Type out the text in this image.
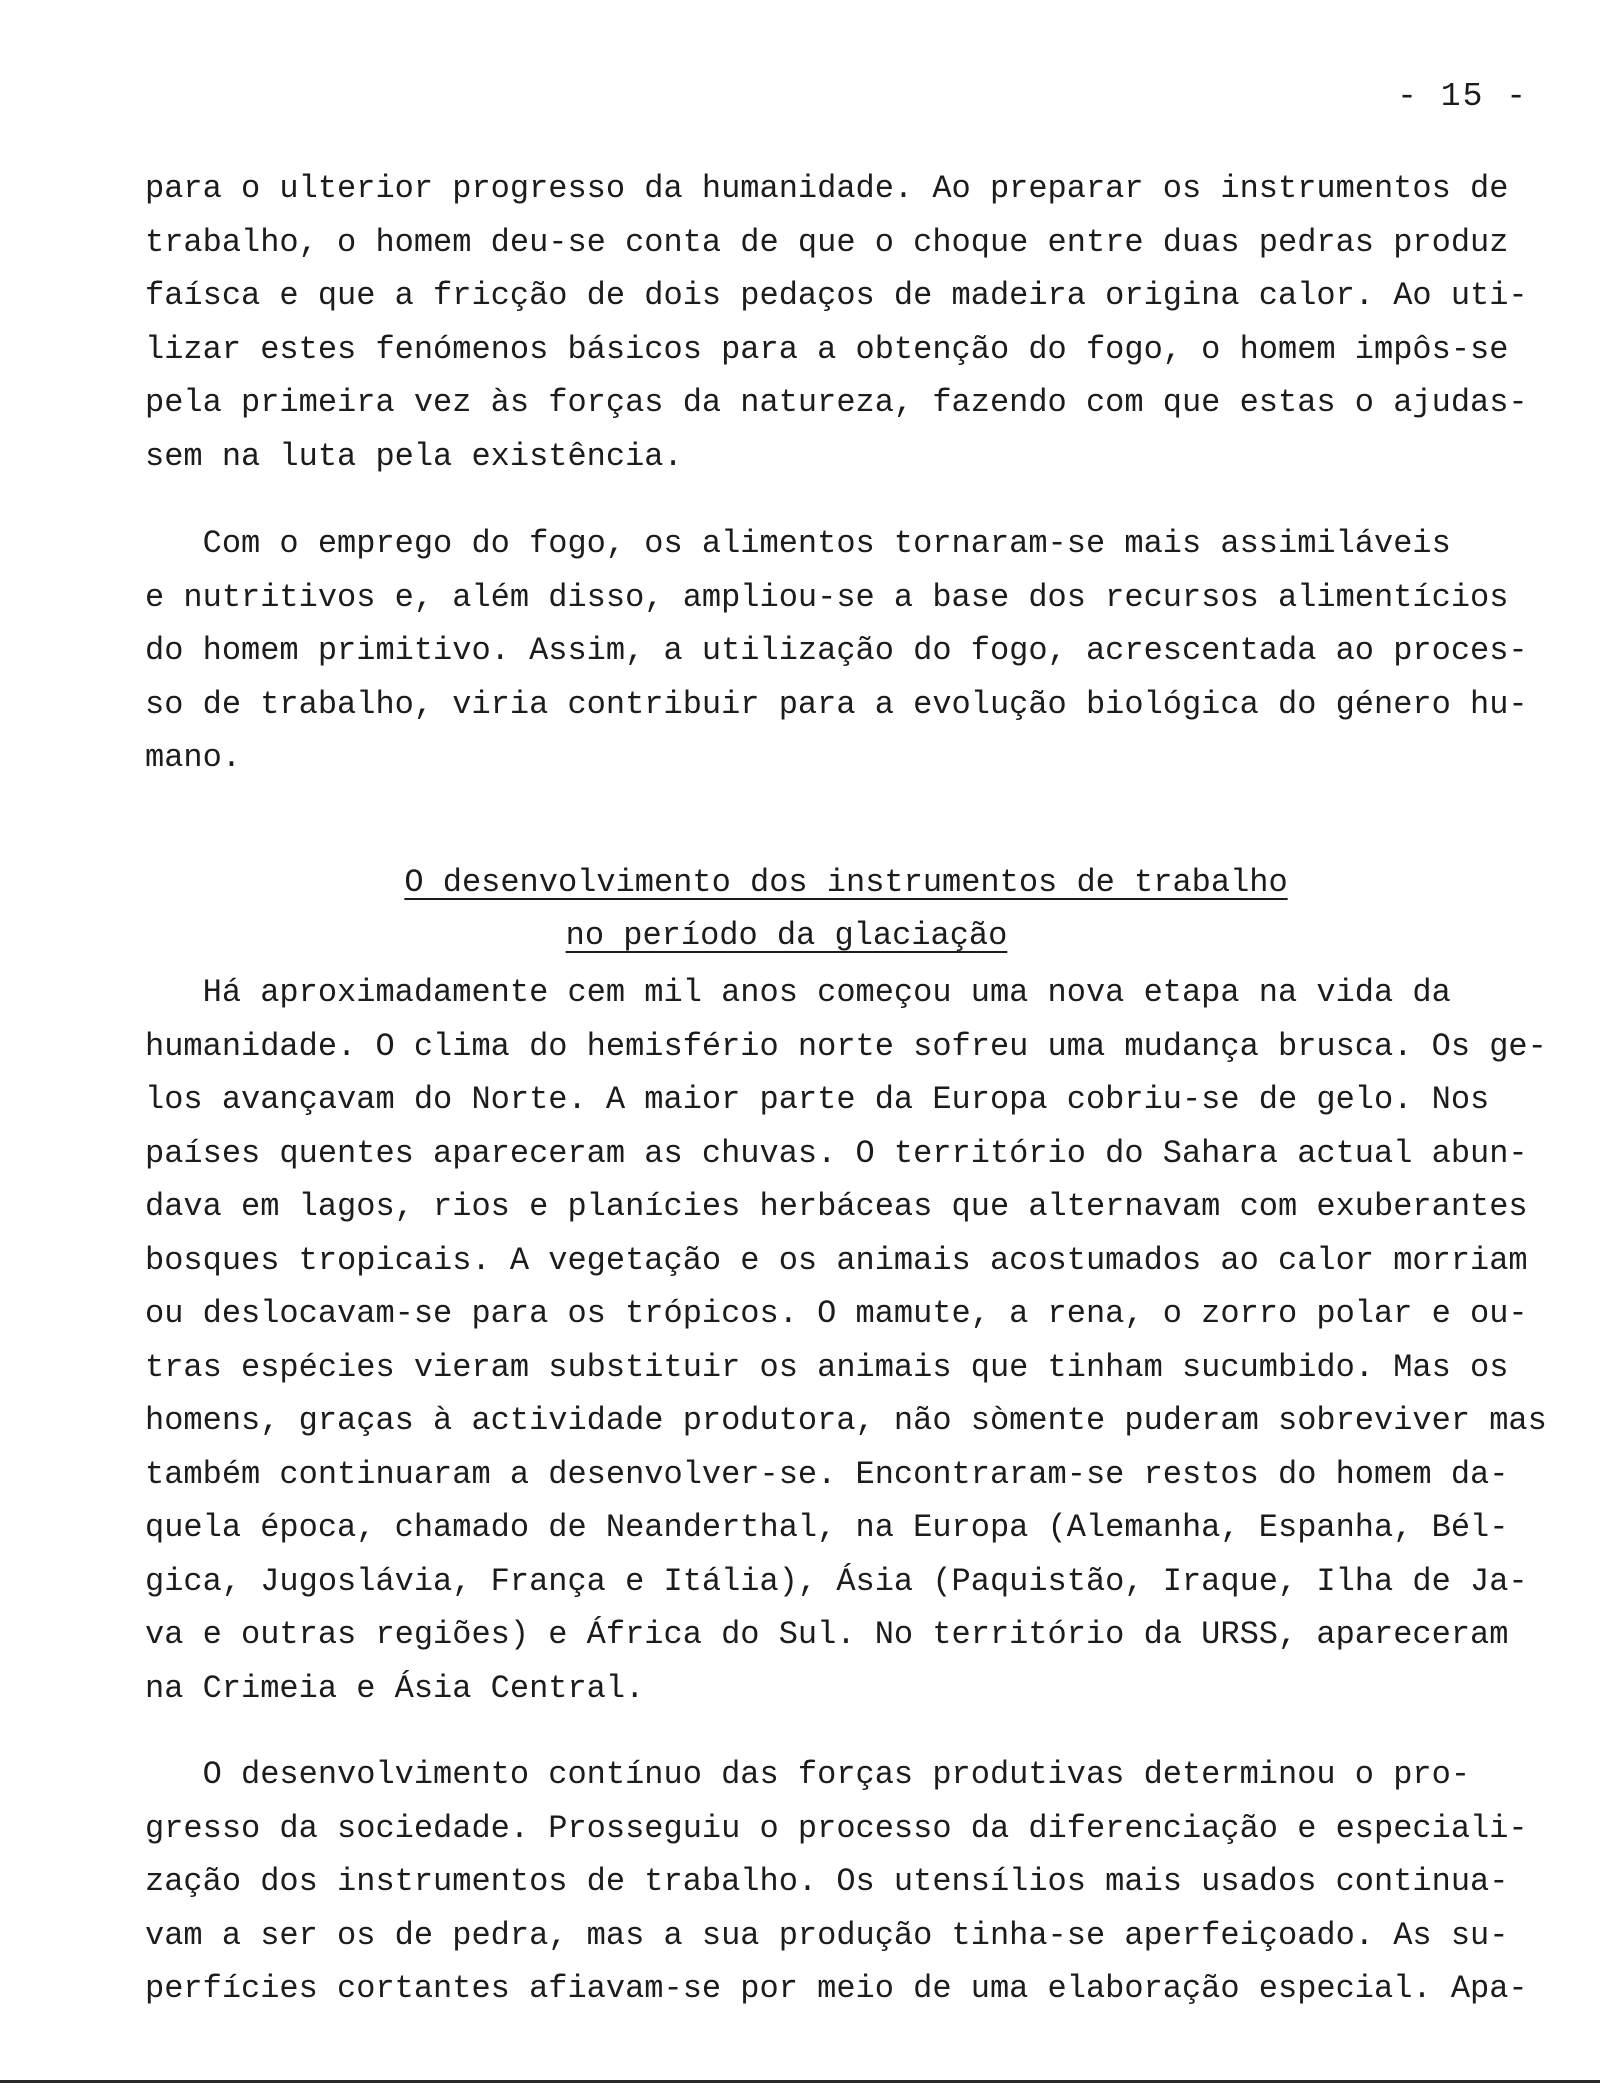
- 15 -
para o ulterior progresso da humanidade. Ao preparar os instrumentos de
trabalho, o homem deu-se conta de que o choque entre duas pedras produz
faísca e que a fricção de dois pedaços de madeira origina calor. Ao uti-
lizar estes fenómenos básicos para a obtenção do fogo, o homem impôs-se
pela primeira vez às forças da natureza, fazendo com que estas o ajudas-
sem na luta pela existência.
Com o emprego do fogo, os alimentos tornaram-se mais assimiláveis
e nutritivos e, além disso, ampliou-se a base dos recursos alimentícios
do homem primitivo. Assim, a utilização do fogo, acrescentada ao proces-
so de trabalho, viria contribuir para a evolução biológica do género hu-
mano.
O desenvolvimento dos instrumentos de trabalho
no período da glaciação
Há aproximadamente cem mil anos começou uma nova etapa na vida da
humanidade. O clima do hemisfério norte sofreu uma mudança brusca. Os ge-
los avançavam do Norte. A maior parte da Europa cobriu-se de gelo. Nos
países quentes apareceram as chuvas. O território do Sahara actual abun-
dava em lagos, rios e planícies herbáceas que alternavam com exuberantes
bosques tropicais. A vegetação e os animais acostumados ao calor morriam
ou deslocavam-se para os trópicos. O mamute, a rena, o zorro polar e ou-
tras espécies vieram substituir os animais que tinham sucumbido. Mas os
homens, graças à actividade produtora, não sòmente puderam sobreviver mas
também continuaram a desenvolver-se. Encontraram-se restos do homem da-
quela época, chamado de Neanderthal, na Europa (Alemanha, Espanha, Bél-
gica, Jugoslávia, França e Itália), Ásia (Paquistão, Iraque, Ilha de Ja-
va e outras regiões) e África do Sul. No território da URSS, apareceram
na Crimeia e Ásia Central.
O desenvolvimento contínuo das forças produtivas determinou o pro-
gresso da sociedade. Prosseguiu o processo da diferenciação e especiali-
zação dos instrumentos de trabalho. Os utensílios mais usados continua-
vam a ser os de pedra, mas a sua produção tinha-se aperfeiçoado. As su-
perfícies cortantes afiavam-se por meio de uma elaboração especial. Apa-
